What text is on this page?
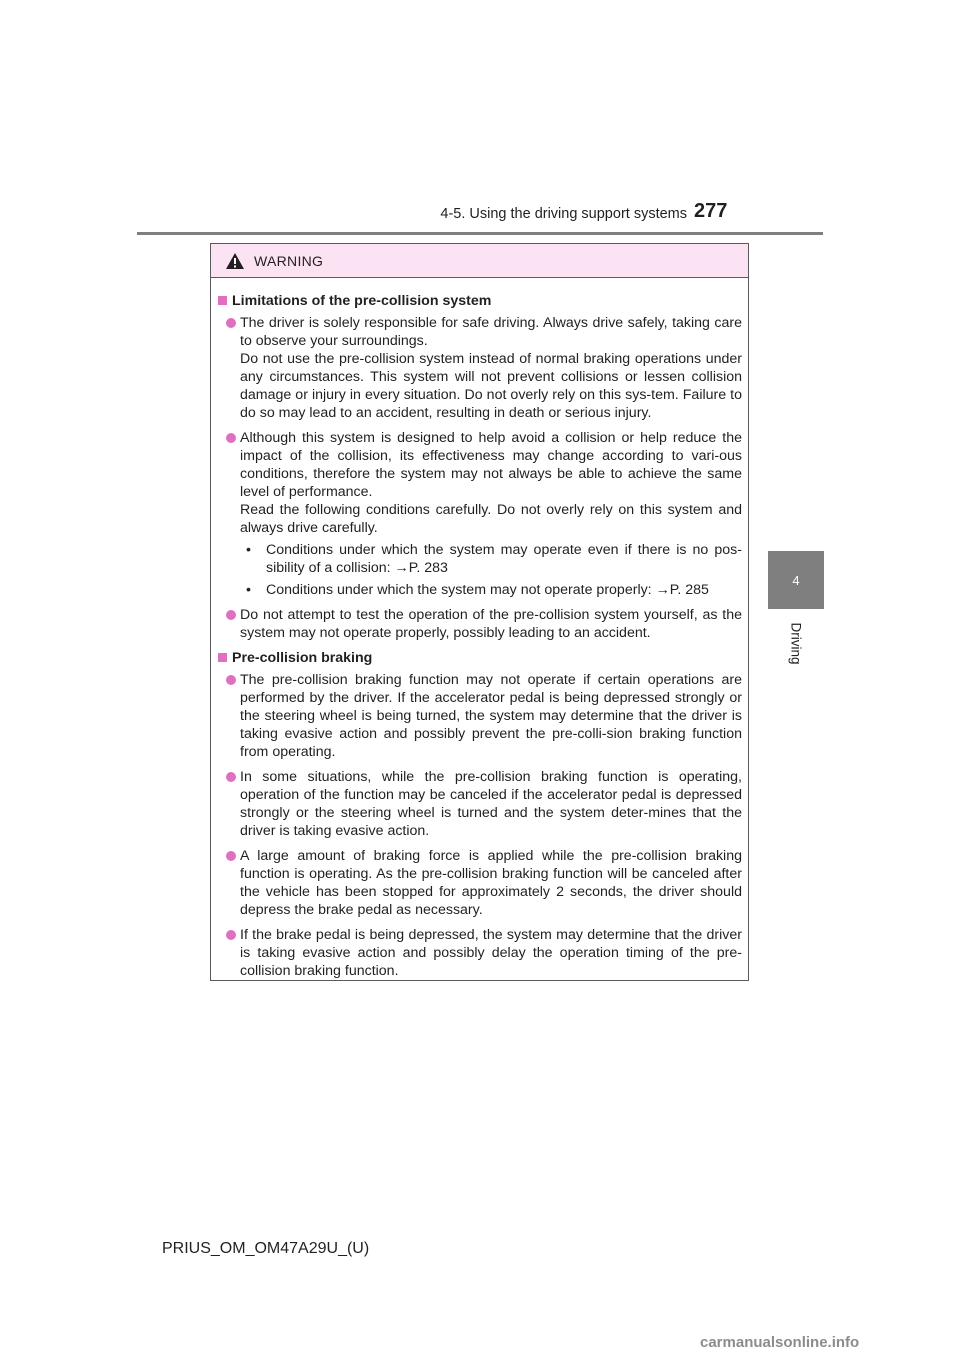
4-5. Using the driving support systems 277
4
Driving
WARNING
Limitations of the pre-collision system

The driver is solely responsible for safe driving. Always drive safely, taking care to observe your surroundings.

Do not use the pre-collision system instead of normal braking operations under any circumstances. This system will not prevent collisions or lessen collision damage or injury in every situation. Do not overly rely on this sys-tem. Failure to do so may lead to an accident, resulting in death or serious injury.

Although this system is designed to help avoid a collision or help reduce the impact of the collision, its effectiveness may change according to vari-ous conditions, therefore the system may not always be able to achieve the same level of performance.

Read the following conditions carefully. Do not overly rely on this system and always drive carefully.

• Conditions under which the system may operate even if there is no pos-sibility of a collision: →P. 283

• Conditions under which the system may not operate properly: →P. 285

Do not attempt to test the operation of the pre-collision system yourself, as the system may not operate properly, possibly leading to an accident.

Pre-collision braking

The pre-collision braking function may not operate if certain operations are performed by the driver. If the accelerator pedal is being depressed strongly or the steering wheel is being turned, the system may determine that the driver is taking evasive action and possibly prevent the pre-colli-sion braking function from operating.

In some situations, while the pre-collision braking function is operating, operation of the function may be canceled if the accelerator pedal is depressed strongly or the steering wheel is turned and the system deter-mines that the driver is taking evasive action.

A large amount of braking force is applied while the pre-collision braking function is operating. As the pre-collision braking function will be canceled after the vehicle has been stopped for approximately 2 seconds, the driver should depress the brake pedal as necessary.

If the brake pedal is being depressed, the system may determine that the driver is taking evasive action and possibly delay the operation timing of the pre-collision braking function.

PRIUS_OM_OM47A29U_(U)
carmanualsonline.info
